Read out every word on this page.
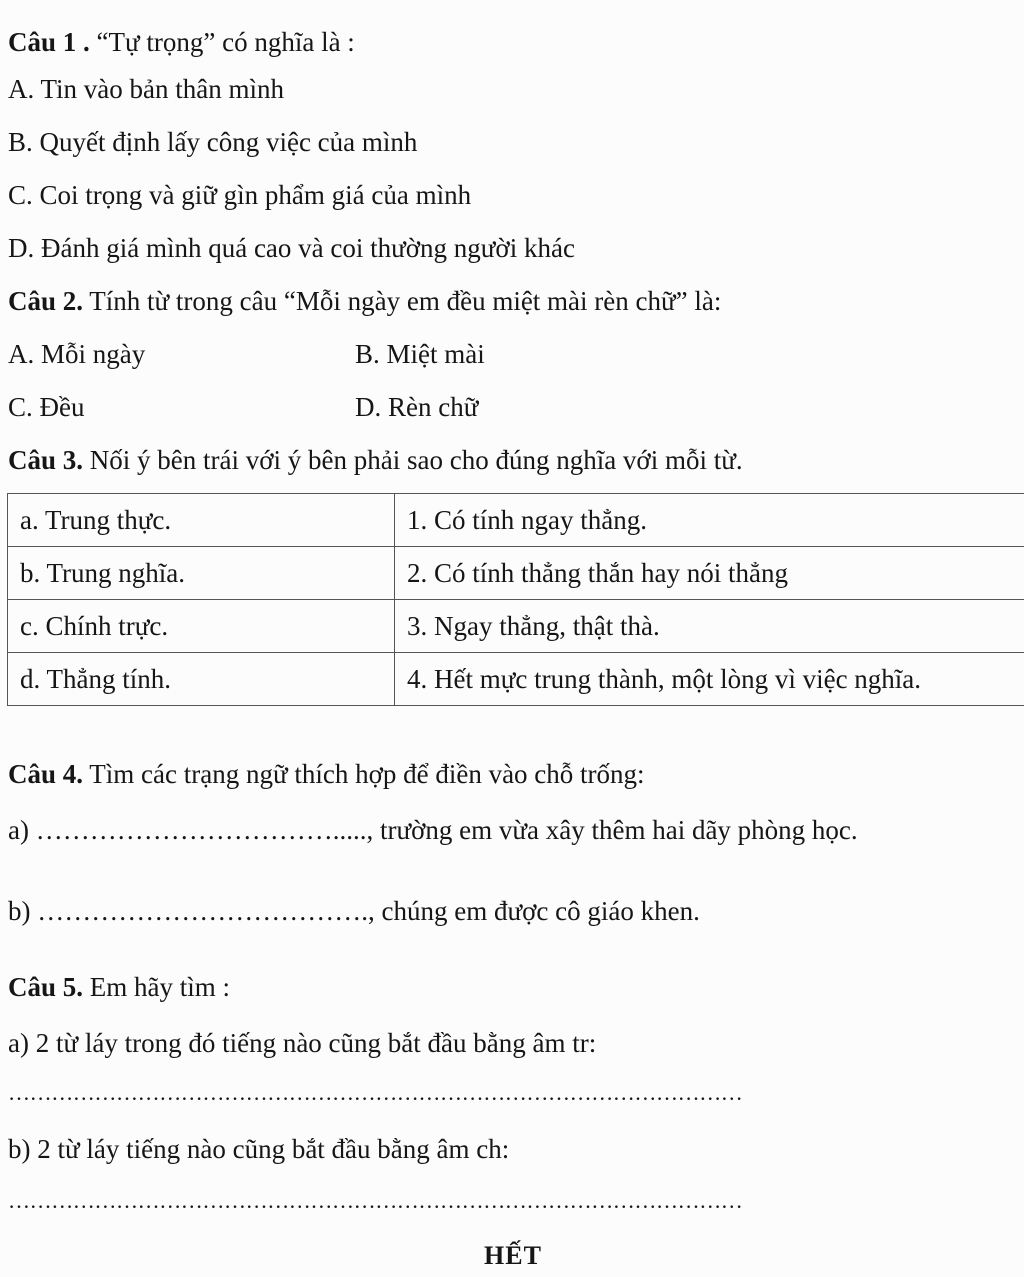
Câu 1 . “Tự trọng” có nghĩa là :
A. Tin vào bản thân mình
B. Quyết định lấy công việc của mình
C. Coi trọng và giữ gìn phẩm giá của mình
D. Đánh giá mình quá cao và coi thường người khác
Câu 2. Tính từ trong câu “Mỗi ngày em đều miệt mài rèn chữ” là:
A. Mỗi ngày	B. Miệt mài
C. Đều	D. Rèn chữ
Câu 3. Nối ý bên trái với ý bên phải sao cho đúng nghĩa với mỗi từ.
a. Trung thực.	1. Có tính ngay thẳng.
b. Trung nghĩa.	2. Có tính thẳng thắn hay nói thẳng
c. Chính trực.	3. Ngay thẳng, thật thà.
d. Thẳng tính.	4. Hết mực trung thành, một lòng vì việc nghĩa.
Câu 4. Tìm các trạng ngữ thích hợp để điền vào chỗ trống:
a) ……………………………....., trường em vừa xây thêm hai dãy phòng học.
b) ………………………………., chúng em được cô giáo khen.
Câu 5. Em hãy tìm :
a) 2 từ láy trong đó tiếng nào cũng bắt đầu bằng âm tr:
…………………………………………………………………………………………
b) 2 từ láy tiếng nào cũng bắt đầu bằng âm ch:
…………………………………………………………………………………………
HẾT
